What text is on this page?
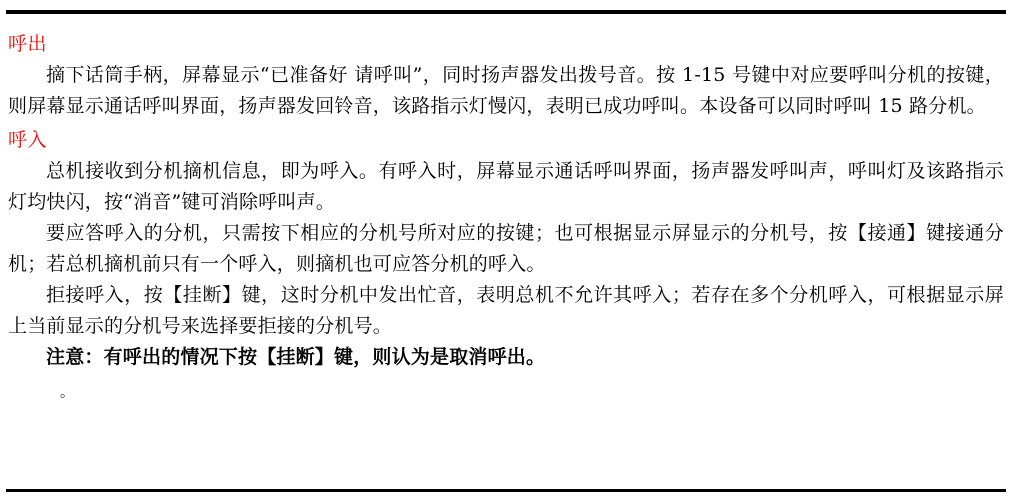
呼出

摘下话筒手柄，屏幕显示“已准备好 请呼叫”，同时扬声器发出拨号音。按 1-15 号键中对应要呼叫分机的按键，则屏幕显示通话呼叫界面，扬声器发回铃音，该路指示灯慢闪，表明已成功呼叫。本设备可以同时呼叫 15 路分机。

呼入

总机接收到分机摘机信息，即为呼入。有呼入时，屏幕显示通话呼叫界面，扬声器发呼叫声，呼叫灯及该路指示灯均快闪，按“消音”键可消除呼叫声。

要应答呼入的分机，只需按下相应的分机号所对应的按键；也可根据显示屏显示的分机号，按【接通】键接通分机；若总机摘机前只有一个呼入，则摘机也可应答分机的呼入。

拒接呼入，按【挂断】键，这时分机中发出忙音，表明总机不允许其呼入；若存在多个分机呼入，可根据显示屏上当前显示的分机号来选择要拒接的分机号。

注意：有呼出的情况下按【挂断】键，则认为是取消呼出。

。
